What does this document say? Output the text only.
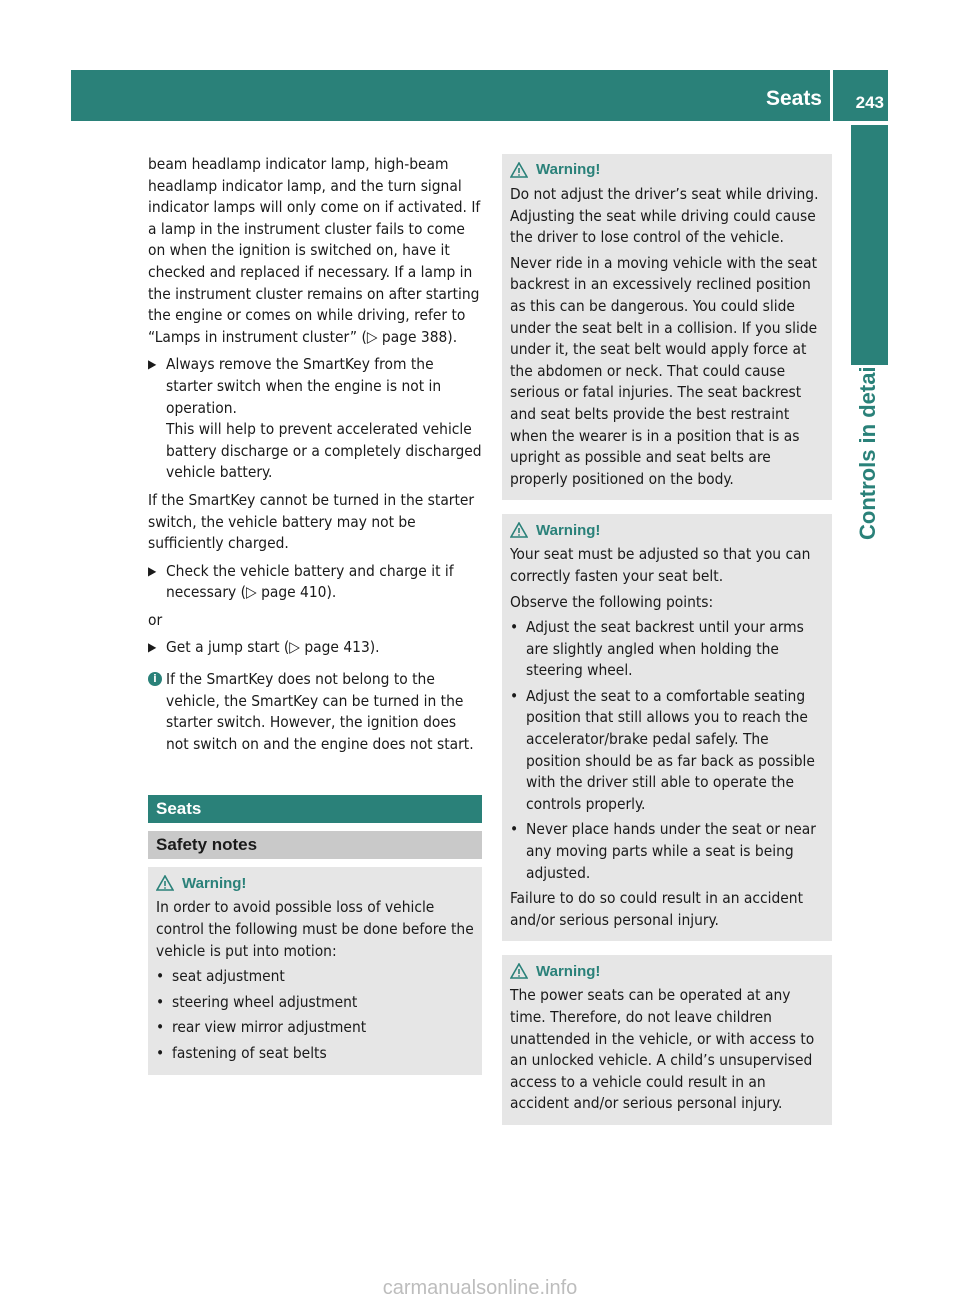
Seats 243
Controls in detail

beam headlamp indicator lamp, high-beam headlamp indicator lamp, and the turn signal indicator lamps will only come on if activated. If a lamp in the instrument cluster fails to come on when the ignition is switched on, have it checked and replaced if necessary. If a lamp in the instrument cluster remains on after starting the engine or comes on while driving, refer to “Lamps in instrument cluster” (▷ page 388).

▶ Always remove the SmartKey from the starter switch when the engine is not in operation.
This will help to prevent accelerated vehicle battery discharge or a completely discharged vehicle battery.

If the SmartKey cannot be turned in the starter switch, the vehicle battery may not be sufficiently charged.

▶ Check the vehicle battery and charge it if necessary (▷ page 410).

or

▶ Get a jump start (▷ page 413).
i If the SmartKey does not belong to the vehicle, the SmartKey can be turned in the starter switch. However, the ignition does not switch on and the engine does not start.
Seats
Safety notes
Warning!

In order to avoid possible loss of vehicle control the following must be done before the vehicle is put into motion:

• seat adjustment
• steering wheel adjustment
• rear view mirror adjustment
• fastening of seat belts
Warning!

Do not adjust the driver’s seat while driving. Adjusting the seat while driving could cause the driver to lose control of the vehicle.

Never ride in a moving vehicle with the seat backrest in an excessively reclined position as this can be dangerous. You could slide under the seat belt in a collision. If you slide under it, the seat belt would apply force at the abdomen or neck. That could cause serious or fatal injuries. The seat backrest and seat belts provide the best restraint when the wearer is in a position that is as upright as possible and seat belts are properly positioned on the body.

Warning!

Your seat must be adjusted so that you can correctly fasten your seat belt.

Observe the following points:

• Adjust the seat backrest until your arms are slightly angled when holding the steering wheel.
• Adjust the seat to a comfortable seating position that still allows you to reach the accelerator/brake pedal safely. The position should be as far back as possible with the driver still able to operate the controls properly.
• Never place hands under the seat or near any moving parts while a seat is being adjusted.

Failure to do so could result in an accident and/or serious personal injury.

Warning!

The power seats can be operated at any time. Therefore, do not leave children unattended in the vehicle, or with access to an unlocked vehicle. A child’s unsupervised access to a vehicle could result in an accident and/or serious personal injury.

carmanualsonline.info
